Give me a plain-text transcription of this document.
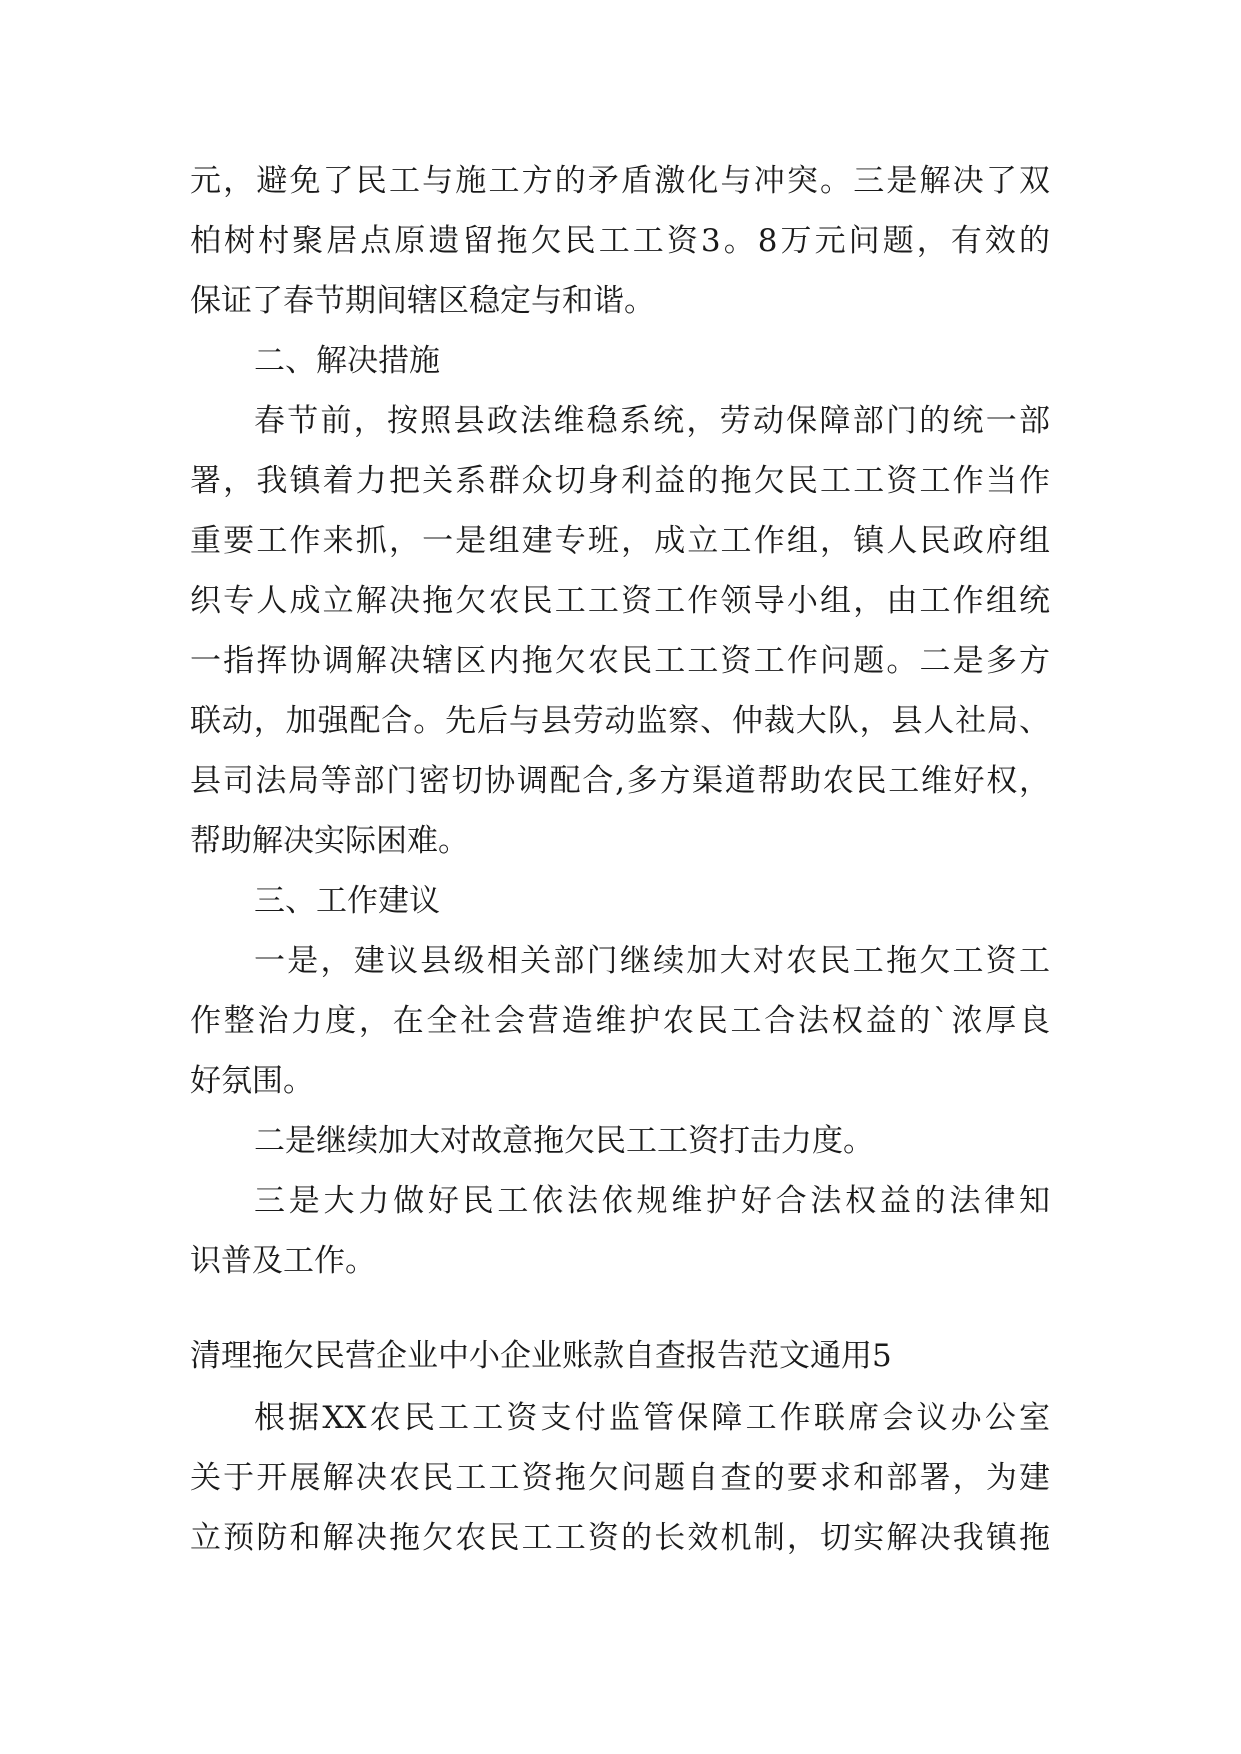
元，避免了民工与施工方的矛盾激化与冲突。三是解决了双
柏树村聚居点原遗留拖欠民工工资3。8万元问题，有效的
保证了春节期间辖区稳定与和谐。
二、解决措施
春节前，按照县政法维稳系统，劳动保障部门的统一部
署，我镇着力把关系群众切身利益的拖欠民工工资工作当作
重要工作来抓，一是组建专班，成立工作组，镇人民政府组
织专人成立解决拖欠农民工工资工作领导小组，由工作组统
一指挥协调解决辖区内拖欠农民工工资工作问题。二是多方
联动，加强配合。先后与县劳动监察、仲裁大队，县人社局、
县司法局等部门密切协调配合,多方渠道帮助农民工维好权，
帮助解决实际困难。
三、工作建议
一是，建议县级相关部门继续加大对农民工拖欠工资工
作整治力度，在全社会营造维护农民工合法权益的`浓厚良
好氛围。
二是继续加大对故意拖欠民工工资打击力度。
三是大力做好民工依法依规维护好合法权益的法律知
识普及工作。
清理拖欠民营企业中小企业账款自查报告范文通用5
根据XX农民工工资支付监管保障工作联席会议办公室
关于开展解决农民工工资拖欠问题自查的要求和部署，为建
立预防和解决拖欠农民工工资的长效机制，切实解决我镇拖
